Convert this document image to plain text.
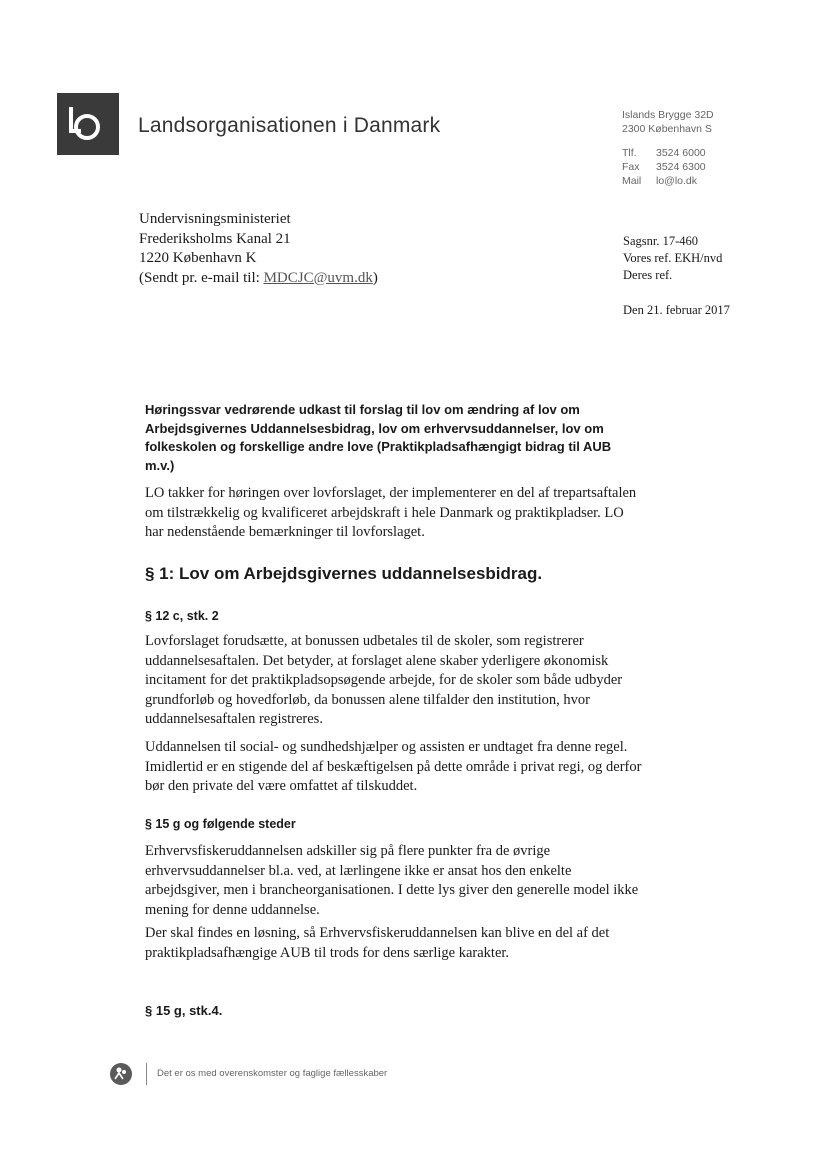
Landsorganisationen i Danmark	Islands Brygge 32D
2300 København S
Tlf. 3524 6000
Fax 3524 6300
Mail lo@lo.dk
Undervisningsministeriet
Frederiksholms Kanal 21
1220 København K
(Sendt pr. e-mail til: MDCJC@uvm.dk)
Sagsnr. 17-460
Vores ref. EKH/nvd
Deres ref.
Den 21. februar 2017
Høringssvar vedrørende udkast til forslag til lov om ændring af lov om
Arbejdsgivernes Uddannelsesbidrag, lov om erhvervsuddannelser, lov om
folkeskolen og forskellige andre love (Praktikpladsafhængigt bidrag til AUB
m.v.)
LO takker for høringen over lovforslaget, der implementerer en del af trepartsaftalen
om tilstrækkelig og kvalificeret arbejdskraft i hele Danmark og praktikpladser. LO
har nedenstående bemærkninger til lovforslaget.
§ 1: Lov om Arbejdsgivernes uddannelsesbidrag.
§ 12 c, stk. 2
Lovforslaget forudsætte, at bonussen udbetales til de skoler, som registrerer
uddannelsesaftalen. Det betyder, at forslaget alene skaber yderligere økonomisk
incitament for det praktikpladsopsøgende arbejde, for de skoler som både udbyder
grundforløb og hovedforløb, da bonussen alene tilfalder den institution, hvor
uddannelsesaftalen registreres.
Uddannelsen til social- og sundhedshjælper og assisten er undtaget fra denne regel.
Imidlertid er en stigende del af beskæftigelsen på dette område i privat regi, og derfor
bør den private del være omfattet af tilskuddet.
§ 15 g og følgende steder
Erhvervsfiskeruddannelsen adskiller sig på flere punkter fra de øvrige
erhvervsuddannelser bl.a. ved, at lærlingene ikke er ansat hos den enkelte
arbejdsgiver, men i brancheorganisationen. I dette lys giver den generelle model ikke
mening for denne uddannelse.
Der skal findes en løsning, så Erhvervsfiskeruddannelsen kan blive en del af det
praktikpladsafhængige AUB til trods for dens særlige karakter.
§ 15 g, stk.4.
Det er os med overenskomster og faglige fællesskaber
